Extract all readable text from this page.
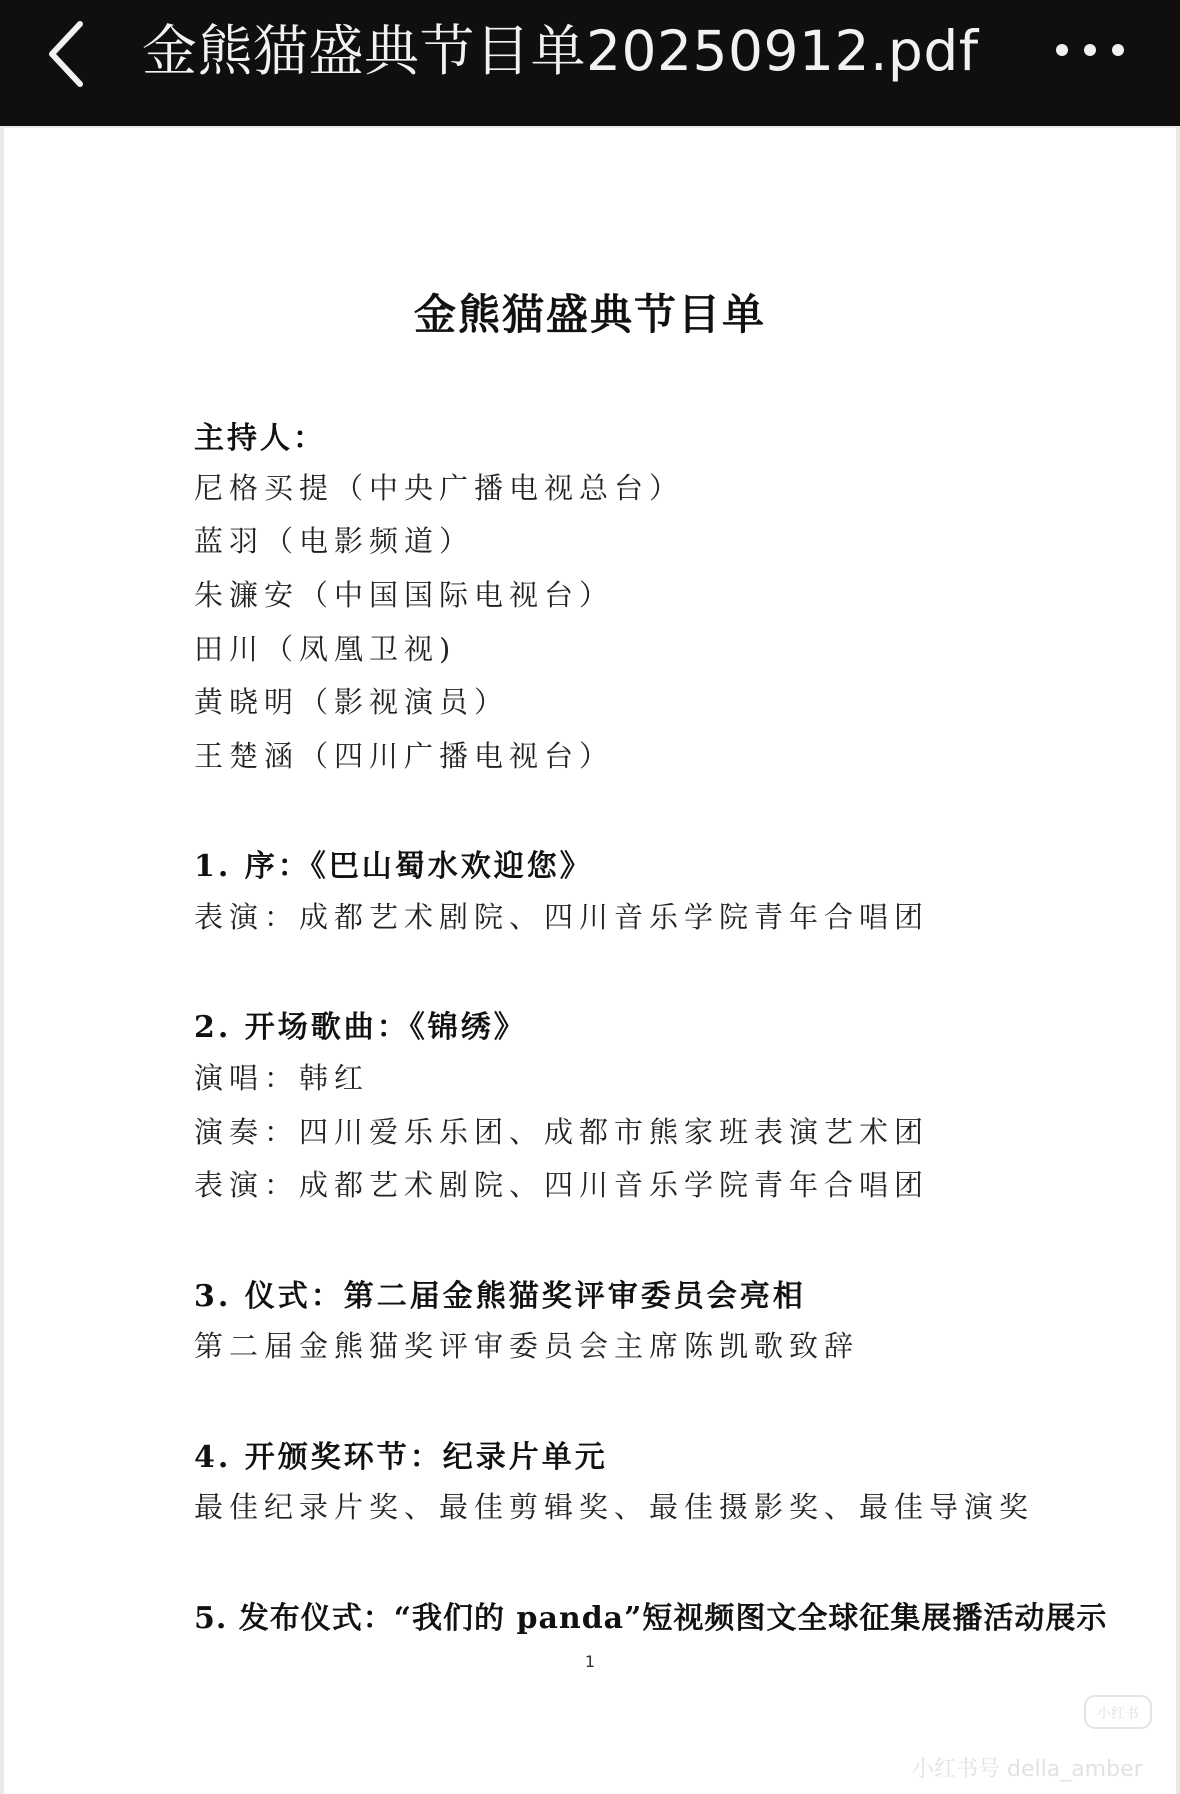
金熊猫盛典节目单20250912.pdf
金熊猫盛典节目单
主持人：
尼格买提（中央广播电视总台）
蓝羽（电影频道）
朱濂安（中国国际电视台）
田川（凤凰卫视)
黄晓明（影视演员）
王楚涵（四川广播电视台）
1. 序：《巴山蜀水欢迎您》
表演：成都艺术剧院、四川音乐学院青年合唱团
2. 开场歌曲：《锦绣》
演唱：韩红
演奏：四川爱乐乐团、成都市熊家班表演艺术团
表演：成都艺术剧院、四川音乐学院青年合唱团
3. 仪式：第二届金熊猫奖评审委员会亮相
第二届金熊猫奖评审委员会主席陈凯歌致辞
4. 开颁奖环节：纪录片单元
最佳纪录片奖、最佳剪辑奖、最佳摄影奖、最佳导演奖
5. 发布仪式：“我们的 panda”短视频图文全球征集展播活动展示
1
小红书
小红书号 della_amber
